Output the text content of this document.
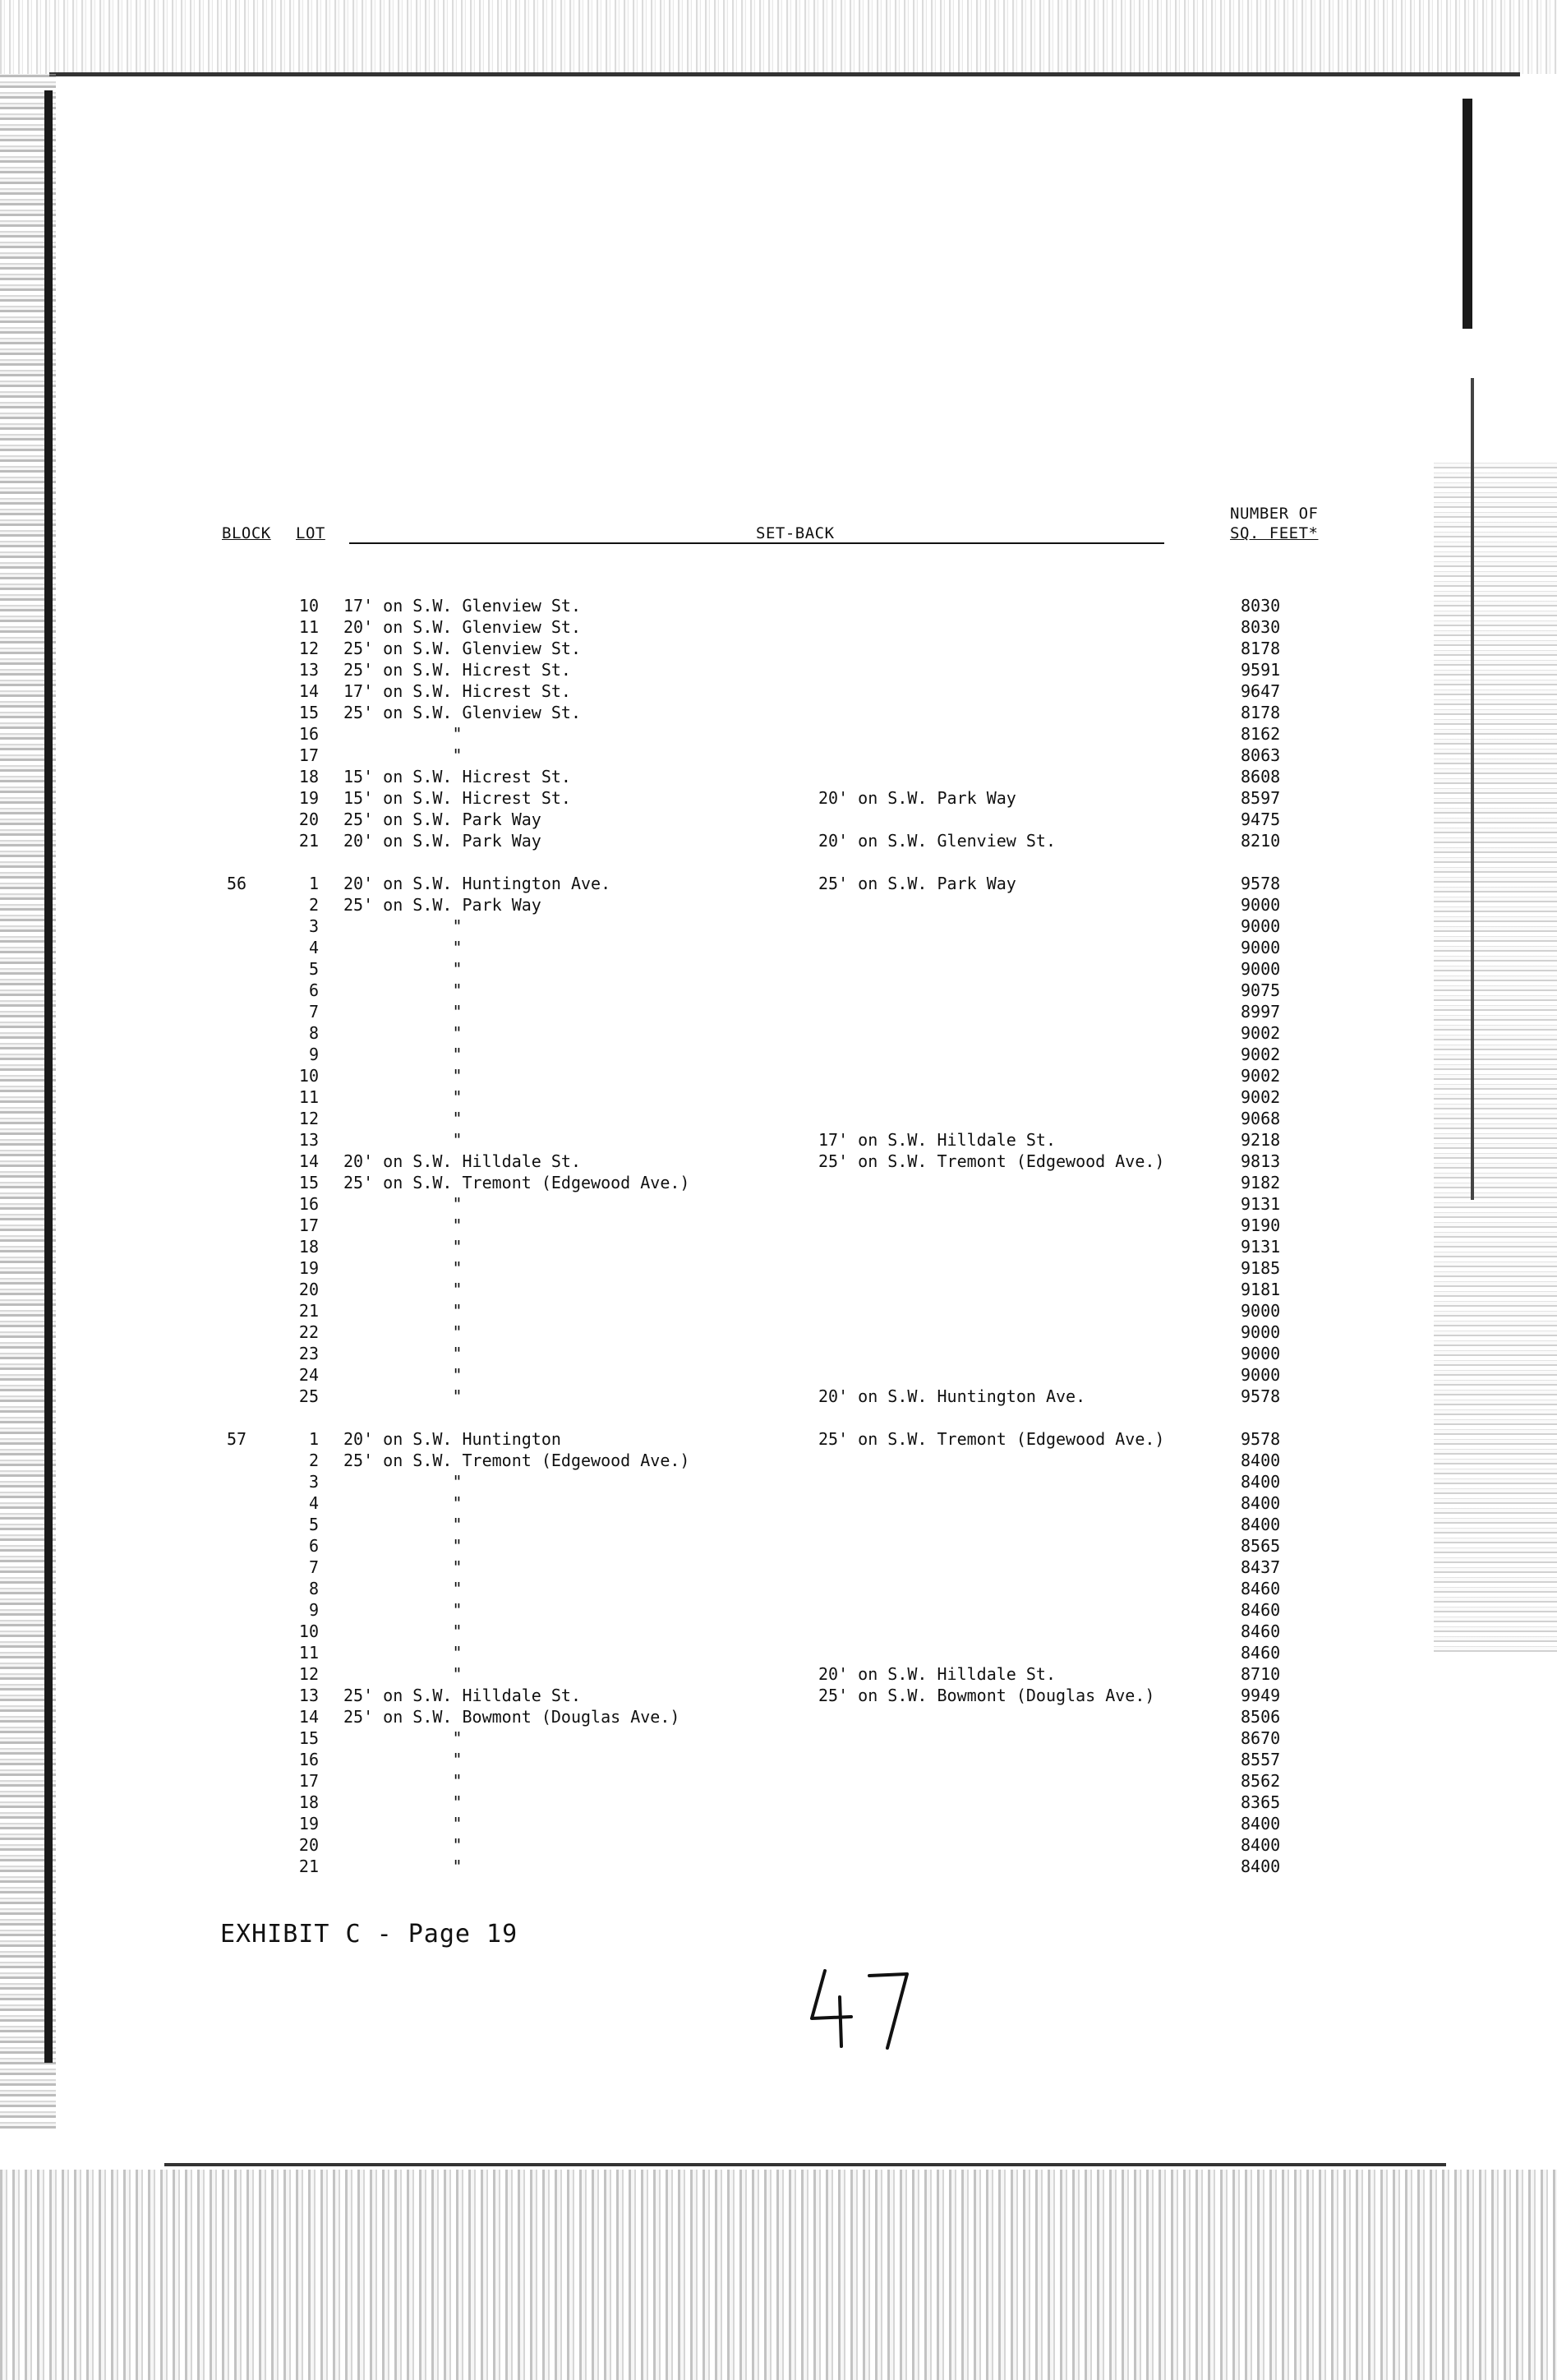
BLOCK LOT	SET-BACK
NUMBER OF
SQ. FEET*
10 17' on S.W. Glenview St.	8030
11 20' on S.W. Glenview St.	8030
12 25' on S.W. Glenview St.	8178
13 25' on S.W. Hicrest St.	9591
14 17' on S.W. Hicrest St.	9647
15 25' on S.W. Glenview St.	8178
16 "	8162
17 "	8063
18 15' on S.W. Hicrest St.	8608
19 15' on S.W. Hicrest St.	20' on S.W. Park Way	8597
20 25' on S.W. Park Way	9475
21 20' on S.W. Park Way	20' on S.W. Glenview St.	8210
56	1 20' on S.W. Huntington Ave.	25' on S.W. Park Way	9578
2 25' on S.W. Park Way	9000
3 "	9000
4 "	9000
5 "	9000
6 "	9075
7 "	8997
8 "	9002
9 "	9002
10 "	9002
11 "	9002
12 "	9068
13 "	17' on S.W. Hilldale St.	9218
14 20' on S.W. Hilldale St.	25' on S.W. Tremont (Edgewood Ave.)	9813
15 25' on S.W. Tremont (Edgewood Ave.)	9182
16 "	9131
17 "	9190
18 "	9131
19 "	9185
20 "	9181
21 "	9000
22 "	9000
23 "	9000
24 "	9000
25 "	20' on S.W. Huntington Ave.	9578
57	1 20' on S.W. Huntington	25' on S.W. Tremont (Edgewood Ave.)	9578
2 25' on S.W. Tremont (Edgewood Ave.)	8400
3 "	8400
4 "	8400
5 "	8400
6 "	8565
7 "	8437
8 "	8460
9 "	8460
10 "	8460
11 "	8460
12 "	20' on S.W. Hilldale St.	8710
13 25' on S.W. Hilldale St.	25' on S.W. Bowmont (Douglas Ave.)	9949
14 25' on S.W. Bowmont (Douglas Ave.)	8506
15 "	8670
16 "	8557
17 "	8562
18 "	8365
19 "	8400
20 "	8400
21 "	8400
EXHIBIT C - Page 19
